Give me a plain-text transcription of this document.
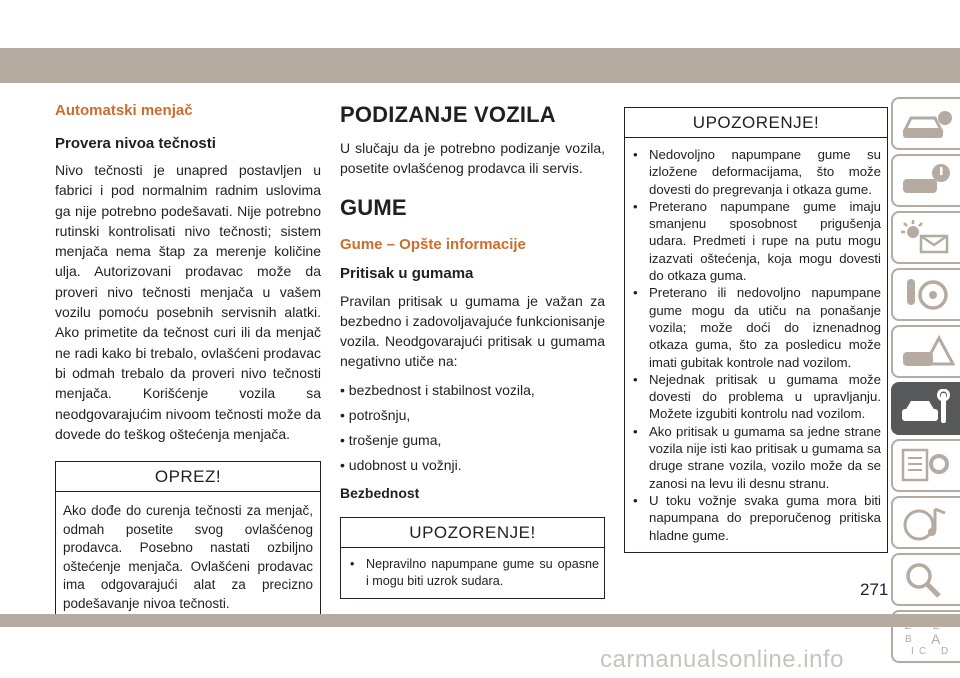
Automatski menjač

Provera nivoa tečnosti

Nivo tečnosti je unapred postavljen u fabrici i pod normalnim radnim uslovima ga nije potrebno podešavati. Nije potrebno rutinski kontrolisati nivo tečnosti; sistem menjača nema štap za merenje količine ulja. Autorizovani prodavac može da proveri nivo tečnosti menjača u vašem vozilu pomoću posebnih servisnih alatki. Ako primetite da tečnost curi ili da menjač ne radi kako bi trebalo, ovlašćeni prodavac bi odmah trebalo da proveri nivo tečnosti menjača. Korišćenje vozila sa neodgovarajućim nivoom tečnosti može da dovede do teškog oštećenja menjača.

OPREZ!

Ako dođe do curenja tečnosti za menjač, odmah posetite svog ovlašćenog prodavca. Posebno nastati ozbiljno oštećenje menjača. Ovlašćeni prodavac ima odgovarajući alat za precizno podešavanje nivoa tečnosti.

PODIZANJE VOZILA

U slučaju da je potrebno podizanje vozila, posetite ovlašćenog prodavca ili servis.

GUME

Gume – Opšte informacije

Pritisak u gumama

Pravilan pritisak u gumama je važan za bezbedno i zadovoljavajuće funkcionisanje vozila. Neodgovarajući pritisak u gumama negativno utiče na:

• bezbednost i stabilnost vozila,

• potrošnju,

• trošenje guma,

• udobnost u vožnji.

Bezbednost

UPOZORENJE!
• Nepravilno napumpane gume su opasne i mogu biti uzrok sudara.
UPOZORENJE!
• Nedovoljno napumpane gume su izložene deformacijama, što može dovesti do pregrevanja i otkaza gume.
• Preterano napumpane gume imaju smanjenu sposobnost prigušenja udara. Predmeti i rupe na putu mogu izazvati oštećenja, koja mogu dovesti do otkaza guma.
• Preterano ili nedovoljno napumpane gume mogu da utiču na ponašanje vozila; može doći do iznenadnog otkaza guma, što za posledicu može imati gubitak kontrole nad vozilom.
• Nejednak pritisak u gumama može dovesti do problema u upravljanju. Možete izgubiti kontrolu nad vozilom.
• Ako pritisak u gumama sa jedne strane vozila nije isti kao pritisak u gumama sa druge strane vozila, vozilo može da se zanosi na levu ili desnu stranu.
• U toku vožnje svaka guma mora biti napumpana do preporučenog pritiska hladne gume.
B A
I C D
271
carmanualsonline.info
